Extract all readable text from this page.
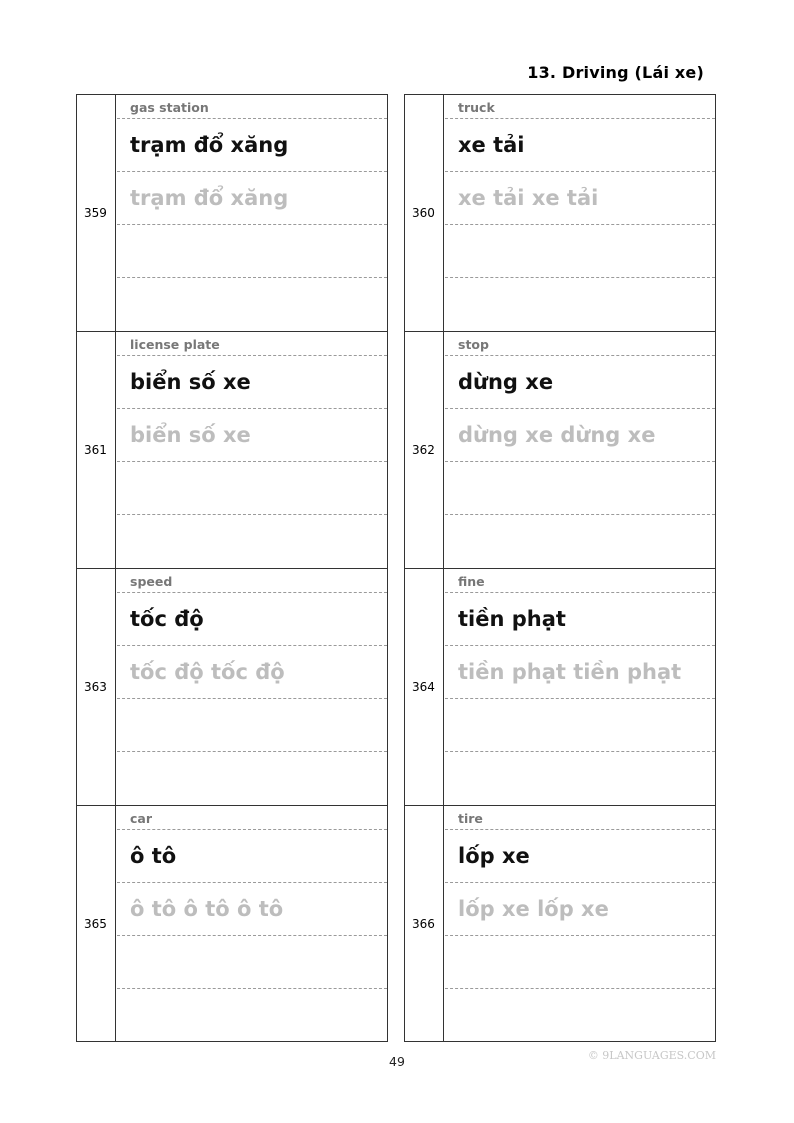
13. Driving (Lái xe)
359
gas station
trạm đổ xăng
trạm đổ xăng
360
truck
xe tải
xe tải xe tải
361
license plate
biển số xe
biển số xe
362
stop
dừng xe
dừng xe dừng xe
363
speed
tốc độ
tốc độ tốc độ
364
fine
tiền phạt
tiền phạt tiền phạt
365
car
ô tô
ô tô ô tô ô tô
366
tire
lốp xe
lốp xe lốp xe
49	© 9LANGUAGES.COM
